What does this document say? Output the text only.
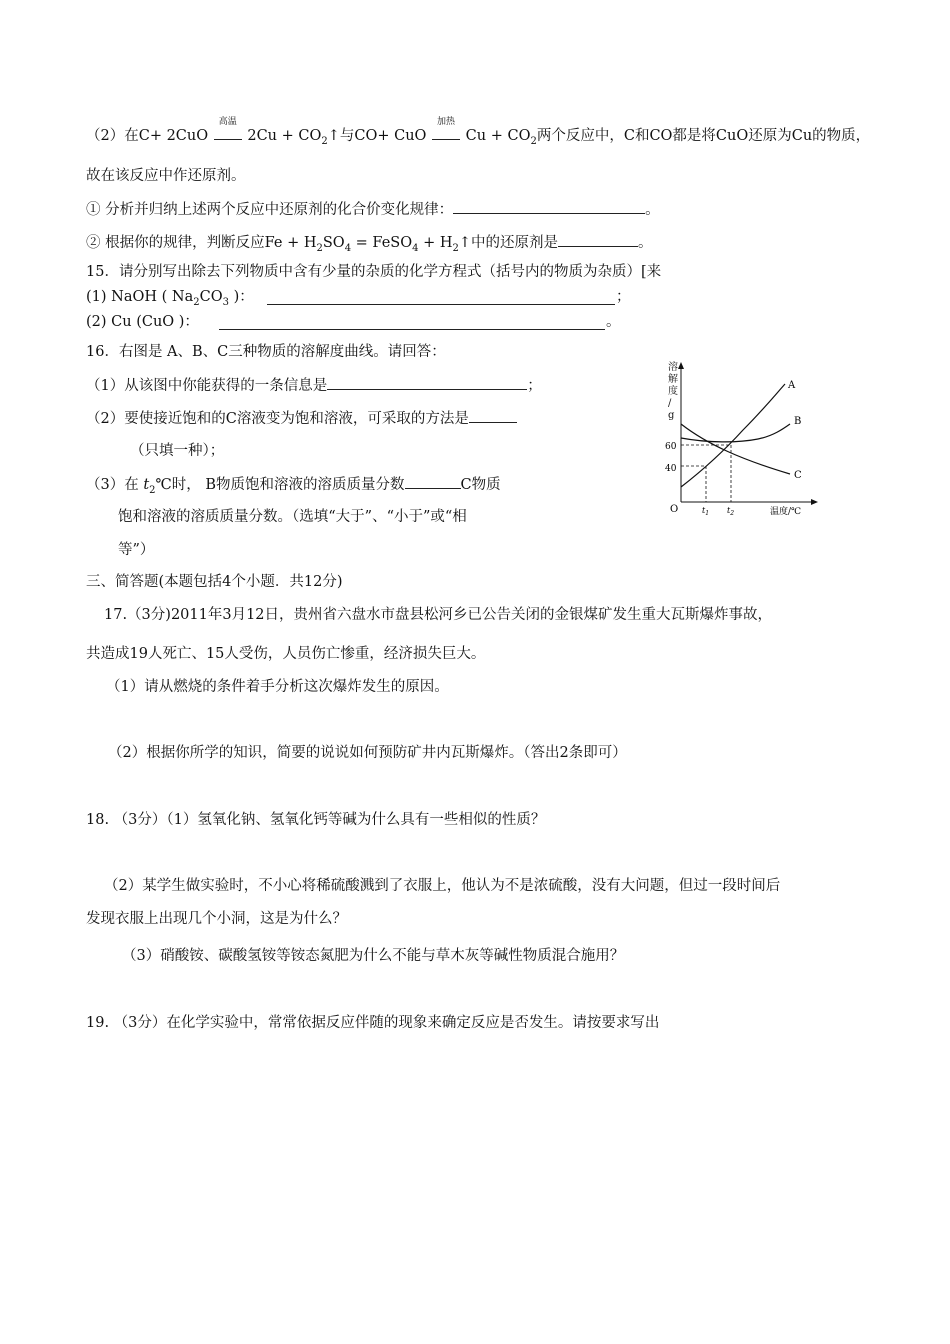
（2）在C+ 2CuO
高温
$2Cu + CO_2↑$与CO+ CuO
加热
$Cu + CO_2$两个反应中，C和CO都是将CuO还原为Cu的物质，
故在该反应中作还原剂。
① 分析并归纳上述两个反应中还原剂的化合价变化规律：	。
② 根据你的规律，判断反应$Fe + H_2SO_4$ = FeSO$_4$ + $H_2↑$中的还原剂是	。
15．请分别写出除去下列物质中含有少量的杂质的化学方程式（括号内的物质为杂质）[来
(1) NaOH ( $Na_2CO_3$ )：	；
(2) Cu (CuO )：	。
16．右图是 A、B、C三种物质的溶解度曲线。请回答：
（1）从该图中你能获得的一条信息是	；
（2）要使接近饱和的C溶液变为饱和溶液，可采取的方法是
（只填一种）；
（3）在 $t_2℃$时， B物质饱和溶液的溶质质量分数	C物质
饱和溶液的溶质质量分数。（选填“大于”、“小于”或“相
等”）
溶
解
度
/
g
O	温度/℃
60
40
$t_1$ $t_2$
A
B
C
三、简答题(本题包括4个小题．共12分)
17.（3分)2011年3月12日，贵州省六盘水市盘县松河乡已公告关闭的金银煤矿发生重大瓦斯爆炸事故，
共造成19人死亡、15人受伤，人员伤亡惨重，经济损失巨大。
（1）请从燃烧的条件着手分析这次爆炸发生的原因。
（2）根据你所学的知识，简要的说说如何预防矿井内瓦斯爆炸。（答出2条即可）
18. （3分）（1）氢氧化钠、氢氧化钙等碱为什么具有一些相似的性质？
（2）某学生做实验时，不小心将稀硫酸溅到了衣服上，他认为不是浓硫酸，没有大问题，但过一段时间后
发现衣服上出现几个小洞，这是为什么？
（3）硝酸铵、碳酸氢铵等铵态氮肥为什么不能与草木灰等碱性物质混合施用？
19. （3分）在化学实验中，常常依据反应伴随的现象来确定反应是否发生。请按要求写出
